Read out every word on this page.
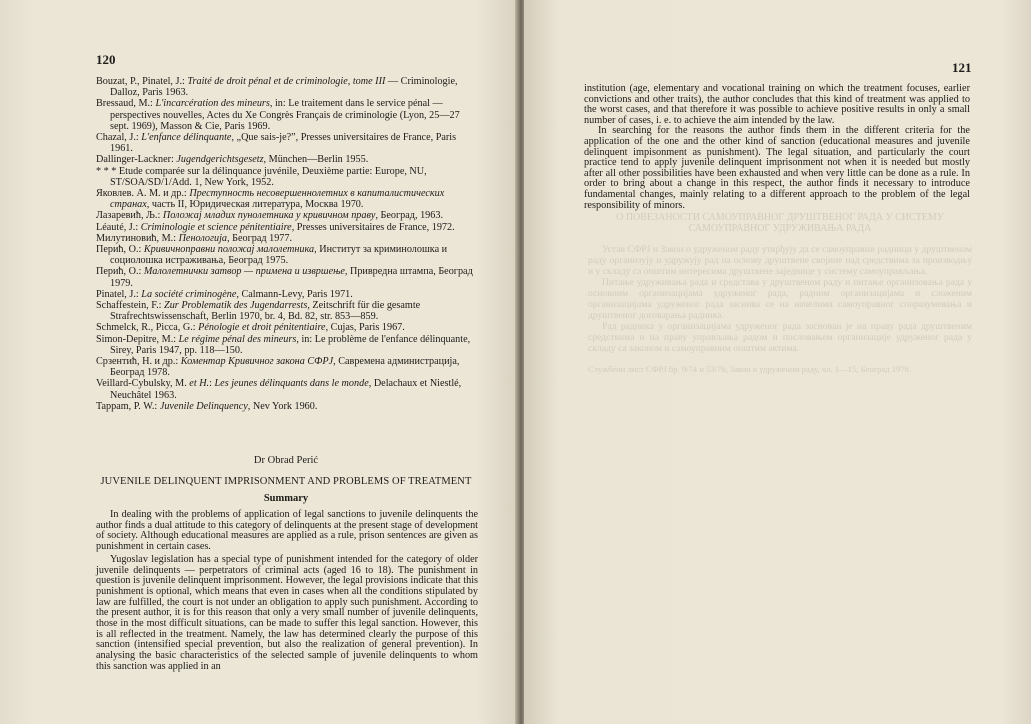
120

Bouzat, P., Pinatel, J.: Traité de droit pénal et de criminologie, tome III — Criminologie, Dalloz, Paris 1963.

Bressaud, M.: L'incarcération des mineurs, in: Le traitement dans le service pénal — perspectives nouvelles, Actes du Xe Congrès Français de criminologie (Lyon, 25—27 sept. 1969), Masson & Cie, Paris 1969.

Chazal, J.: L'enfance délinquante, „Que sais-je?”, Presses universitaires de France, Paris 1961.

Dallinger-Lackner: Jugendgerichtsgesetz, München—Berlin 1955.

* * * Etude comparée sur la délinquance juvénile, Deuxième partie: Europe, NU, ST/SOA/SD/1/Add. 1, New York, 1952.

Яковлев. А. М. и др.: Преступность несовершеннолетних в капиталистических странах, часть II, Юридическая литература, Москва 1970.

Лазаревић, Љ.: Положај младих пунолетника у кривичном праву, Београд, 1963.

Léauté, J.: Criminologie et science pénitentiaire, Presses universitaires de France, 1972.

Милутиновић, М.: Пенологија, Београд 1977.

Перић, О.: Кривичноправни положај малолетника, Институт за криминолошка и социолошка истраживања, Београд 1975.

Перић, О.: Малолетнички затвор — примена и извршење, Привредна штампа, Београд 1979.

Pinatel, J.: La société criminogène, Calmann-Levy, Paris 1971.

Schaffestein, F.: Zur Problematik des Jugendarrests, Zeitschrift für die gesamte Strafrechtswissenschaft, Berlin 1970, br. 4, Bd. 82, str. 853—859.

Schmelck, R., Picca, G.: Pénologie et droit pénitentiaire, Cujas, Paris 1967.

Simon-Depitre, M.: Le régime pénal des mineurs, in: Le problème de l'enfance délinquante, Sirey, Paris 1947, pp. 118—150.

Срзентић, Н. и др.: Коментар Кривичног закона СФРЈ, Савремена администрација, Београд 1978.

Veillard-Cybulsky, M. et H.: Les jeunes délinquants dans le monde, Delachaux et Niestlé, Neuchâtel 1963.

Tappam, P. W.: Juvenile Delinquency, Nev York 1960.

Dr Obrad Perić
JUVENILE DELINQUENT IMPRISONMENT AND PROBLEMS OF TREATMENT
Summary

In dealing with the problems of application of legal sanctions to juvenile delinquents the author finds a dual attitude to this category of delinquents at the present stage of development of society. Although educational measures are applied as a rule, prison sentences are given as punishment in certain cases.

Yugoslav legislation has a special type of punishment intended for the category of older juvenile delinquents — perpetrators of criminal acts (aged 16 to 18). The punishment in question is juvenile delinquent imprisonment. However, the legal provisions indicate that this punishment is optional, which means that even in cases when all the conditions stipulated by law are fulfilled, the court is not under an obligation to apply such punishment. According to the present author, it is for this reason that only a very small number of juvenile delinquents, those in the most difficult situations, can be made to suffer this legal sanction. However, this is all reflected in the treatment. Namely, the law has determined clearly the purpose of this sanction (intensified special prevention, but also the realization of general prevention). In analysing the basic characteristics of the selected sample of juvenile delinquents to whom this sanction was applied in an

121

institution (age, elementary and vocational training on which the treatment focuses, earlier convictions and other traits), the author concludes that this kind of treatment was applied to the worst cases, and that therefore it was possible to achieve positive results in only a small number of cases, i. e. to achieve the aim intended by the law.

In searching for the reasons the author finds them in the different criteria for the application of the one and the other kind of sanction (educational measures and juvenile delinquent impisonment as punishment). The legal situation, and particularly the court practice tend to apply juvenile delinquent imprisonment not when it is needed but mostly after all other possibilities have been exhausted and when very little can be done as a rule. In order to bring about a change in this respect, the author finds it necessary to introduce fundamental changes, mainly relating to a different approach to the problem of the legal responsibility of minors.

О ПОВЕЗАНОСТИ САМОУПРАВНОГ ДРУШТВЕНОГ РАДА У СИСТЕМУ САМОУПРАВНОГ УДРУЖИВАЊА РАДА

Устав СФРЈ и Закон о удруженом раду утврђују да се самоуправни радници у друштвеном раду организују и удружују рад на основу друштвене својине над средствима за производњу и у складу са општим интересима друштвене заједнице у систему самоуправљања.

Питање удруживања рада и средстава у друштвеном раду и питање организовања рада у основним организацијама удруженог рада, радним организацијама и сложеним организацијама удруженог рада заснива се на начелима самоуправног споразумевања и друштвеног договарања радника.

Рад радника у организацијама удруженог рада заснован је на праву рада друштвеним средствима и на праву управљања радом и пословањем организације удруженог рада у складу са законом и самоуправним општим актима.

Службени лист СФРЈ бр. 9/74 и 53/76, Закон о удруженом раду, чл. 1—15, Београд 1976.
